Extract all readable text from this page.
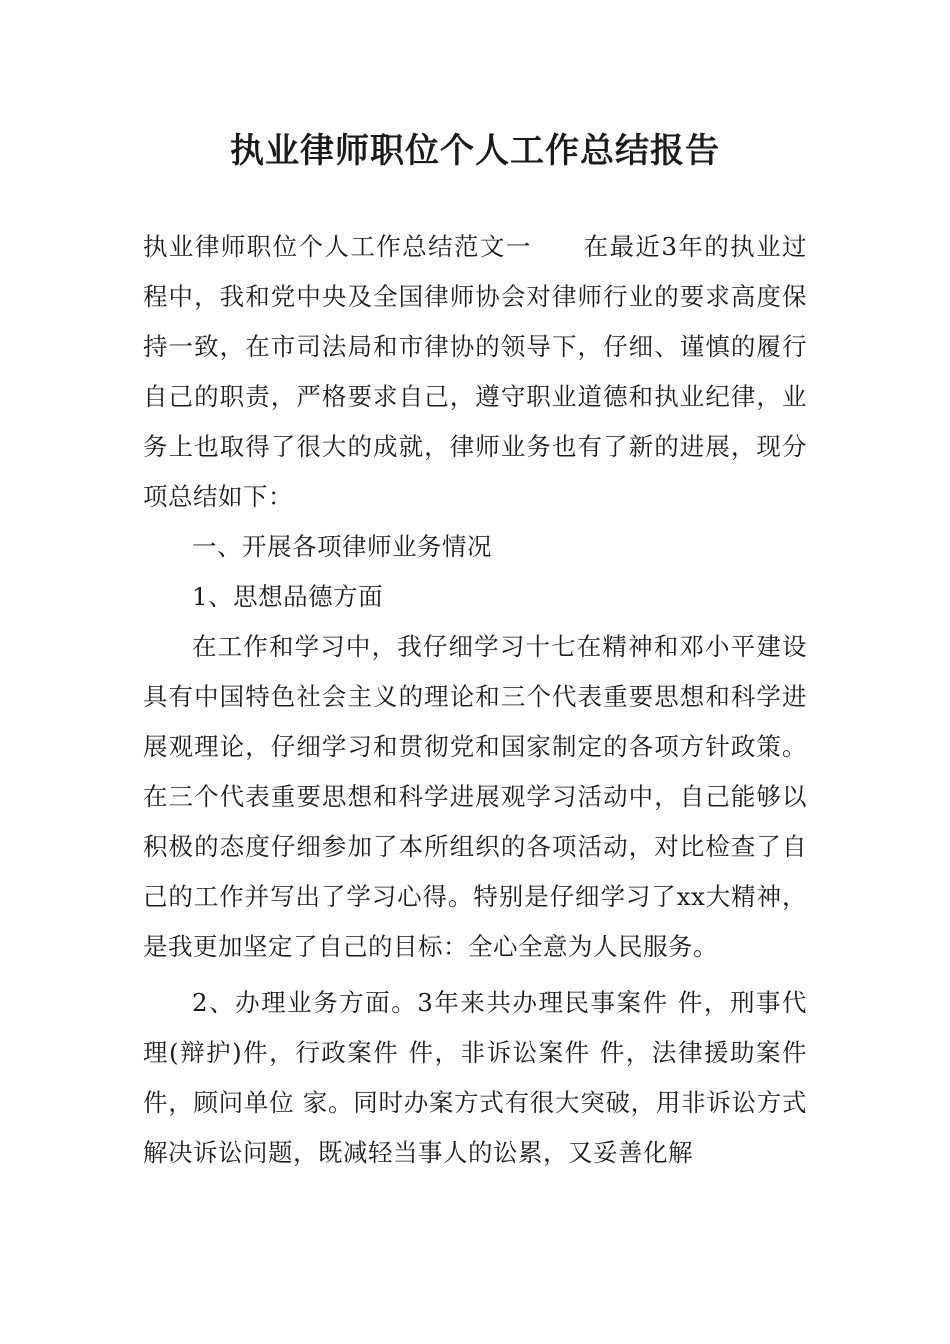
执业律师职位个人工作总结报告

执业律师职位个人工作总结范文一　　在最近3年的执业过程中，我和党中央及全国律师协会对律师行业的要求高度保持一致，在市司法局和市律协的领导下，仔细、谨慎的履行自己的职责，严格要求自己，遵守职业道德和执业纪律，业务上也取得了很大的成就，律师业务也有了新的进展，现分项总结如下：

一、开展各项律师业务情况

1、思想品德方面

在工作和学习中，我仔细学习十七在精神和邓小平建设具有中国特色社会主义的理论和三个代表重要思想和科学进展观理论，仔细学习和贯彻党和国家制定的各项方针政策。在三个代表重要思想和科学进展观学习活动中，自己能够以积极的态度仔细参加了本所组织的各项活动，对比检查了自己的工作并写出了学习心得。特别是仔细学习了xx大精神，是我更加坚定了自己的目标：全心全意为人民服务。

2、办理业务方面。3年来共办理民事案件 件，刑事代理(辩护)件，行政案件 件，非诉讼案件 件，法律援助案件 件，顾问单位 家。同时办案方式有很大突破，用非诉讼方式解决诉讼问题，既减轻当事人的讼累，又妥善化解
